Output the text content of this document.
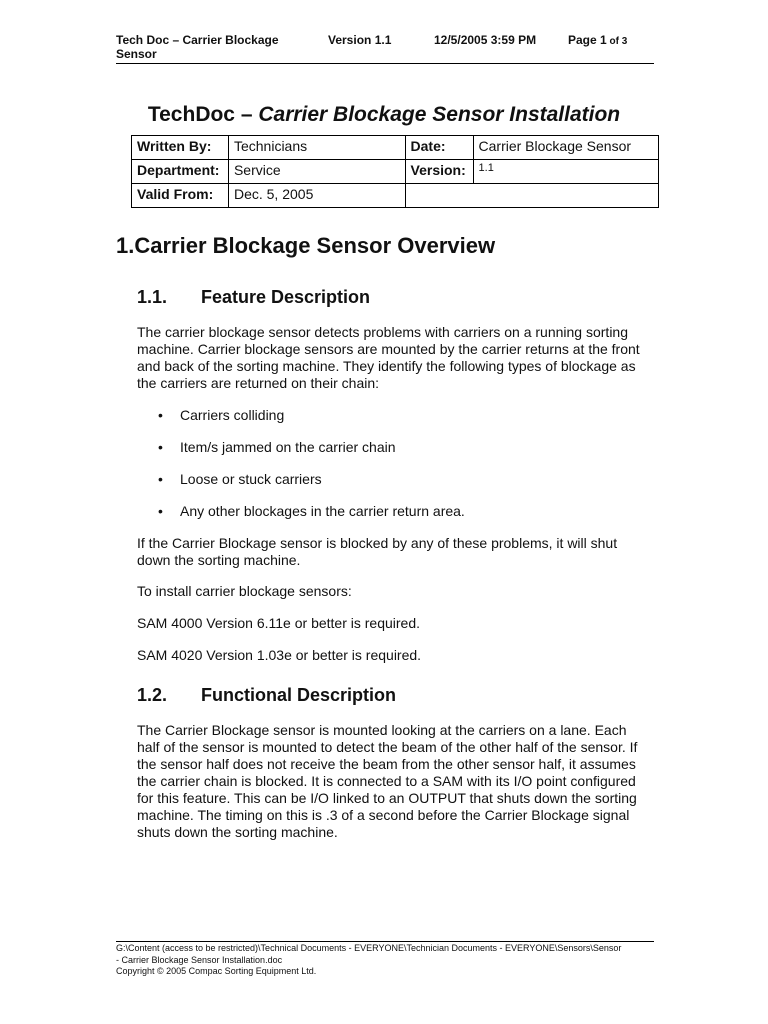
Tech Doc – Carrier Blockage Sensor
Version 1.1	12/5/2005 3:59 PM	Page 1 of 3
TechDoc – Carrier Blockage Sensor Installation
Written By:	Technicians	Date:	Carrier Blockage Sensor
Department:	Service	Version:	1.1
Valid From:	Dec. 5, 2005		
1.Carrier Blockage Sensor Overview
1.1. Feature Description
The carrier blockage sensor detects problems with carriers on a running sorting
machine. Carrier blockage sensors are mounted by the carrier returns at the front
and back of the sorting machine. They identify the following types of blockage as
the carriers are returned on their chain:
• Carriers colliding
• Item/s jammed on the carrier chain
• Loose or stuck carriers
• Any other blockages in the carrier return area.
If the Carrier Blockage sensor is blocked by any of these problems, it will shut
down the sorting machine.
To install carrier blockage sensors:
SAM 4000 Version 6.11e or better is required.
SAM 4020 Version 1.03e or better is required.
1.2. Functional Description
The Carrier Blockage sensor is mounted looking at the carriers on a lane. Each
half of the sensor is mounted to detect the beam of the other half of the sensor. If
the sensor half does not receive the beam from the other sensor half, it assumes
the carrier chain is blocked. It is connected to a SAM with its I/O point configured
for this feature. This can be I/O linked to an OUTPUT that shuts down the sorting
machine. The timing on this is .3 of a second before the Carrier Blockage signal
shuts down the sorting machine.
G:\Content (access to be restricted)\Technical Documents - EVERYONE\Technician Documents - EVERYONE\Sensors\Sensor
- Carrier Blockage Sensor Installation.doc
Copyright © 2005 Compac Sorting Equipment Ltd.
